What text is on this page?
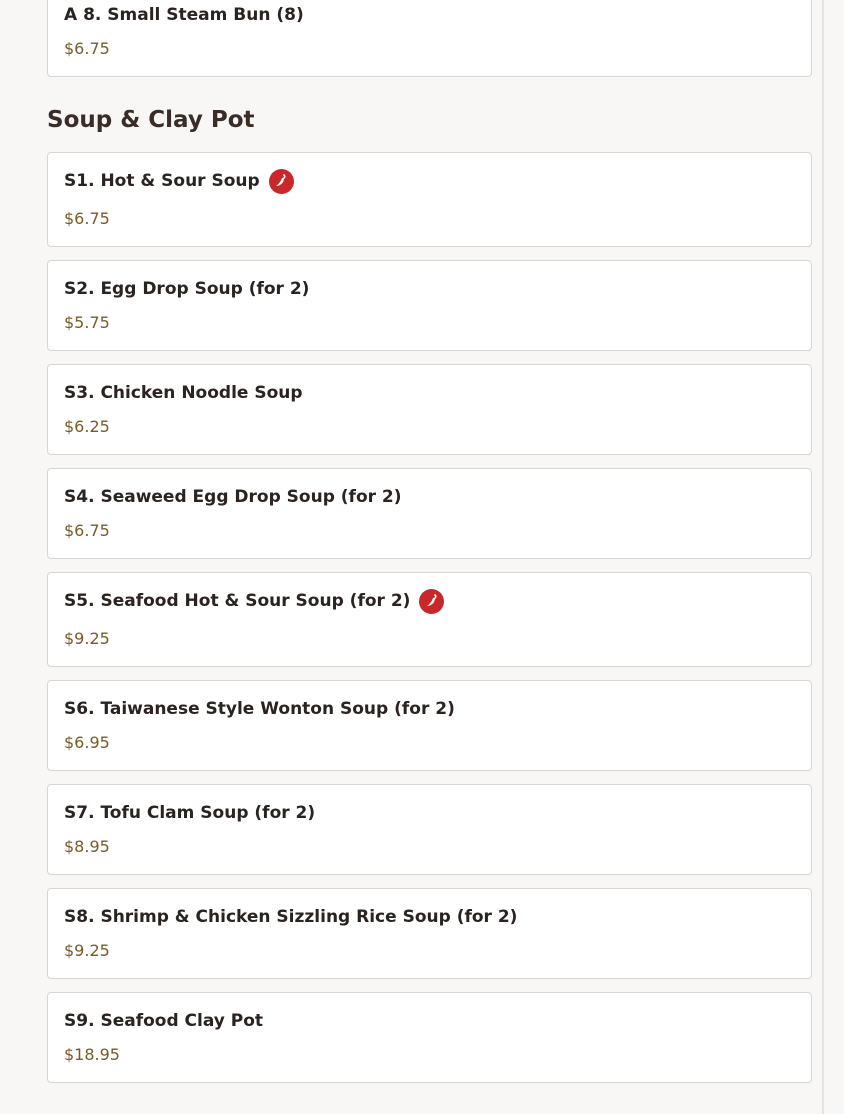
A 8. Small Steam Bun (8)
$6.75
Soup & Clay Pot
S1. Hot & Sour Soup
$6.75
S2. Egg Drop Soup (for 2)
$5.75
S3. Chicken Noodle Soup
$6.25
S4. Seaweed Egg Drop Soup (for 2)
$6.75
S5. Seafood Hot & Sour Soup (for 2)
$9.25
S6. Taiwanese Style Wonton Soup (for 2)
$6.95
S7. Tofu Clam Soup (for 2)
$8.95
S8. Shrimp & Chicken Sizzling Rice Soup (for 2)
$9.25
S9. Seafood Clay Pot
$18.95
